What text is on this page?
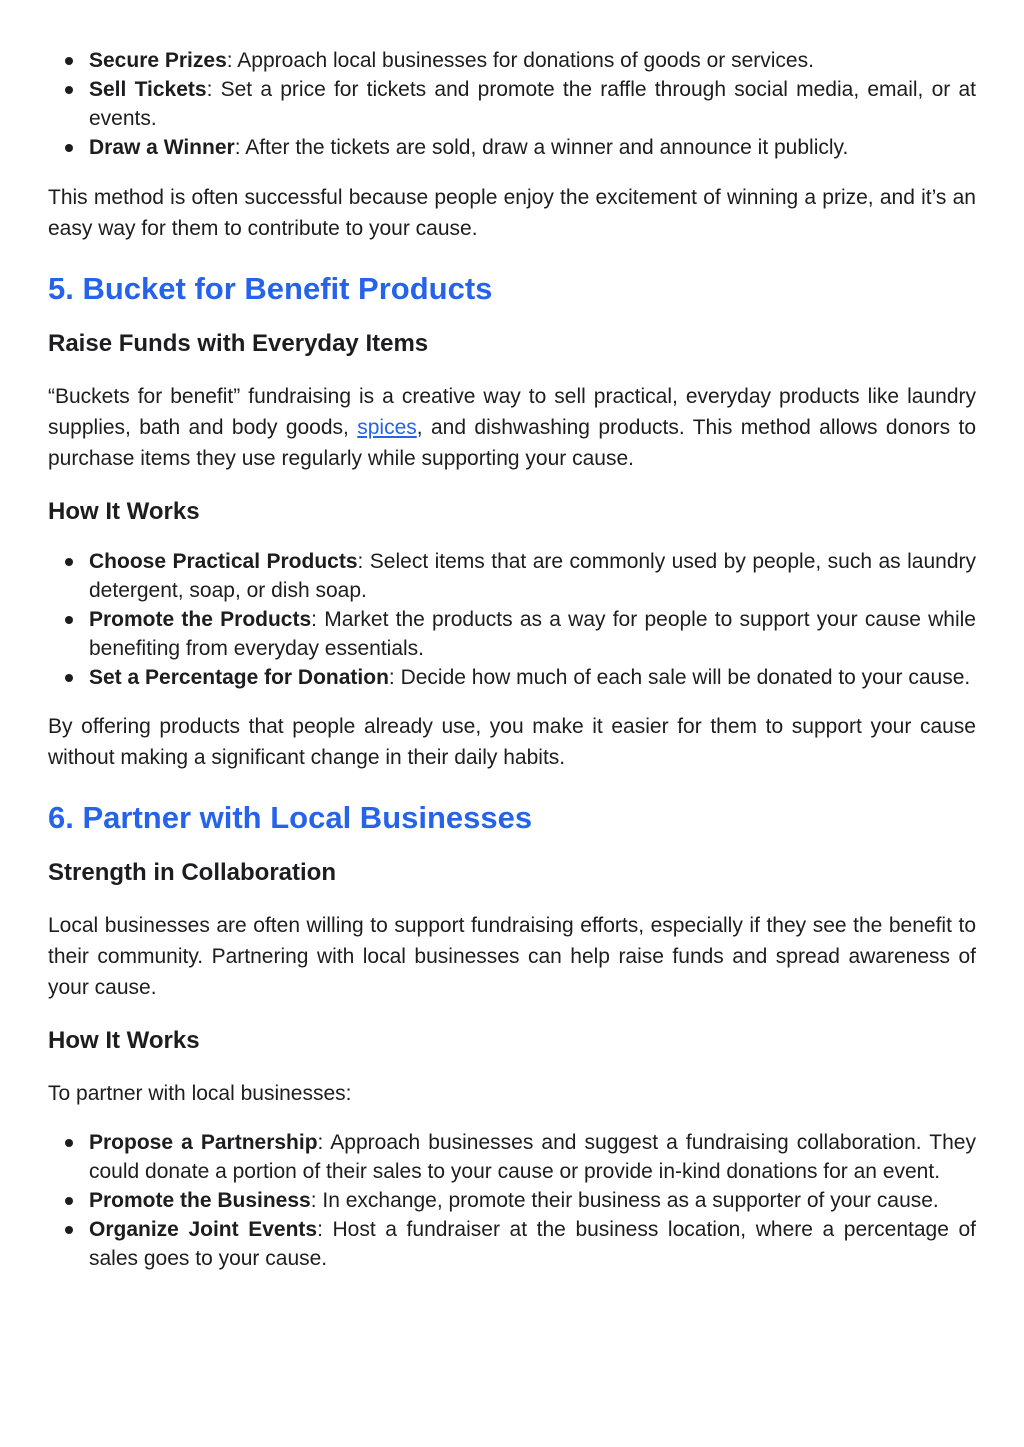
Secure Prizes: Approach local businesses for donations of goods or services.
Sell Tickets: Set a price for tickets and promote the raffle through social media, email, or at events.
Draw a Winner: After the tickets are sold, draw a winner and announce it publicly.

This method is often successful because people enjoy the excitement of winning a prize, and it’s an easy way for them to contribute to your cause.

5. Bucket for Benefit Products
Raise Funds with Everyday Items

“Buckets for benefit” fundraising is a creative way to sell practical, everyday products like laundry supplies, bath and body goods, spices, and dishwashing products. This method allows donors to purchase items they use regularly while supporting your cause.

How It Works
Choose Practical Products: Select items that are commonly used by people, such as laundry detergent, soap, or dish soap.
Promote the Products: Market the products as a way for people to support your cause while benefiting from everyday essentials.
Set a Percentage for Donation: Decide how much of each sale will be donated to your cause.

By offering products that people already use, you make it easier for them to support your cause without making a significant change in their daily habits.

6. Partner with Local Businesses
Strength in Collaboration

Local businesses are often willing to support fundraising efforts, especially if they see the benefit to their community. Partnering with local businesses can help raise funds and spread awareness of your cause.

How It Works

To partner with local businesses:

Propose a Partnership: Approach businesses and suggest a fundraising collaboration. They could donate a portion of their sales to your cause or provide in-kind donations for an event.
Promote the Business: In exchange, promote their business as a supporter of your cause.
Organize Joint Events: Host a fundraiser at the business location, where a percentage of sales goes to your cause.
